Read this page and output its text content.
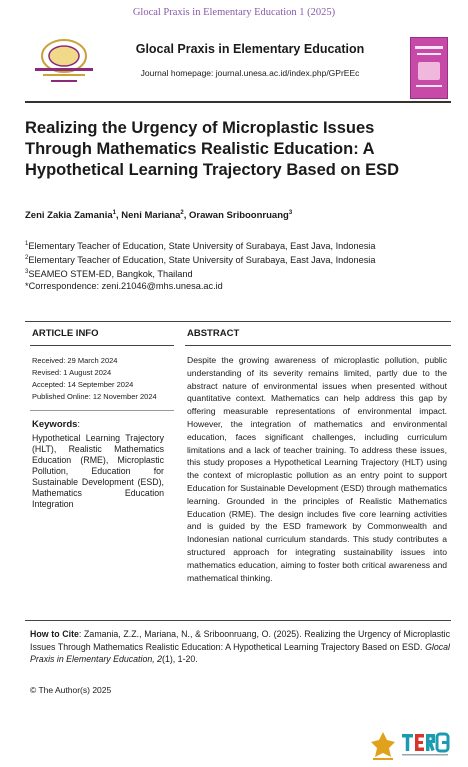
Glocal Praxis in Elementary Education 1 (2025)
Glocal Praxis in Elementary Education
Journal homepage: journal.unesa.ac.id/index.php/GPrEEc
Realizing the Urgency of Microplastic Issues Through Mathematics Realistic Education: A Hypothetical Learning Trajectory Based on ESD
Zeni Zakia Zamania$^1$, Neni Mariana$^2$, Orawan Sriboonruang$^3$
$^1$Elementary Teacher of Education, State University of Surabaya, East Java, Indonesia
$^2$Elementary Teacher of Education, State University of Surabaya, East Java, Indonesia
$^3$SEAMEO STEM-ED, Bangkok, Thailand
*Correspondence: zeni.21046@mhs.unesa.ac.id
ARTICLE INFO	ABSTRACT
Received: 29 March 2024
Revised: 1 August 2024
Accepted: 14 September 2024
Published Online: 12 November 2024
Keywords:
Hypothetical Learning Trajectory (HLT), Realistic Mathematics Education (RME), Microplastic Pollution, Education for Sustainable Development (ESD), Mathematics Education Integration
Despite the growing awareness of microplastic pollution, public understanding of its severity remains limited, partly due to the abstract nature of environmental issues when presented without quantitative context. Mathematics can help address this gap by offering measurable representations of environmental impact. However, the integration of mathematics and environmental education, faces significant challenges, including curriculum limitations and a lack of teacher training. To address these issues, this study proposes a Hypothetical Learning Trajectory (HLT) using the context of microplastic pollution as an entry point to support Education for Sustainable Development (ESD) through mathematics learning. Grounded in the principles of Realistic Mathematics Education (RME). The design includes five core learning activities and is guided by the ESD framework by Commonwealth and Indonesian national curriculum standards. This study contributes a structured approach for integrating sustainability issues into mathematics education, aiming to foster both critical awareness and mathematical thinking.
How to Cite: Zamania, Z.Z., Mariana, N., & Sriboonruang, O. (2025). Realizing the Urgency of Microplastic Issues Through Mathematics Realistic Education: A Hypothetical Learning Trajectory Based on ESD. Glocal Praxis in Elementary Education, 2(1), 1-20.
© The Author(s) 2025
